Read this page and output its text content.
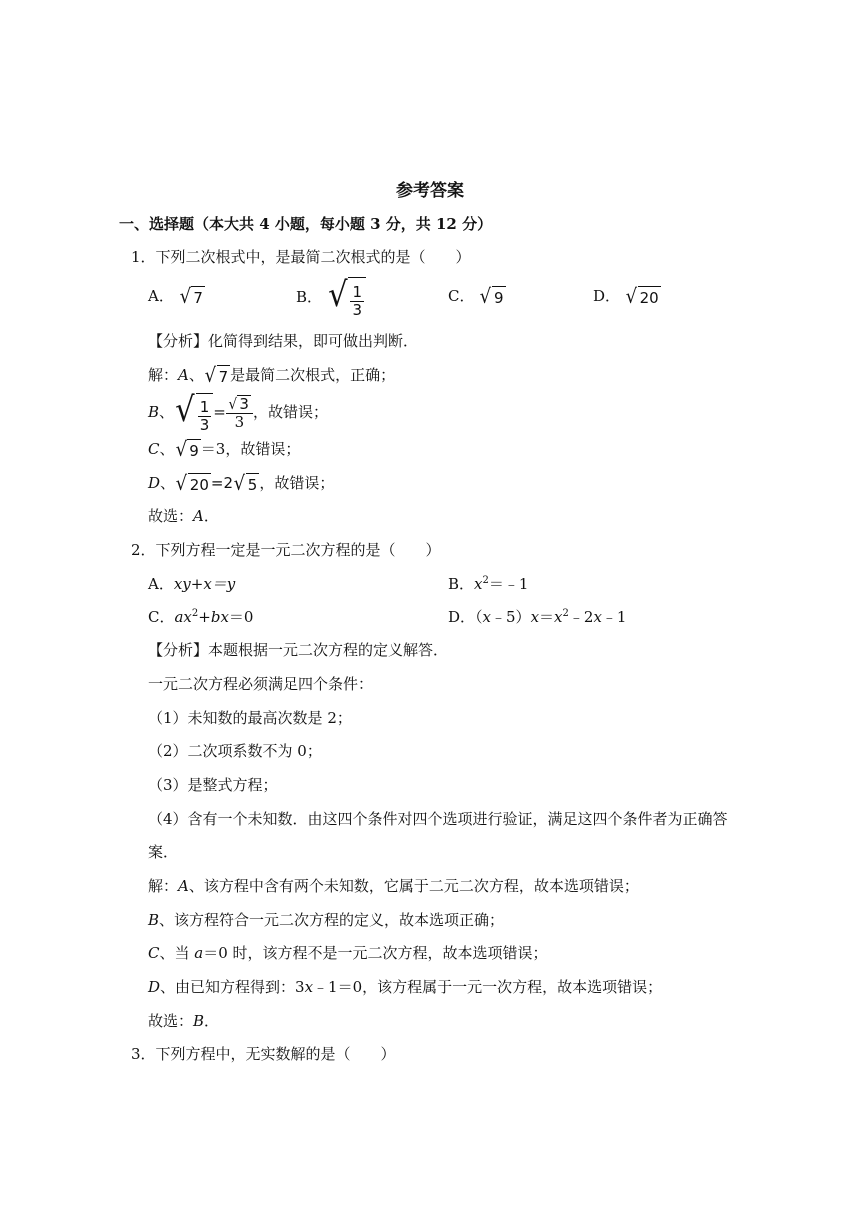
参考答案
一、选择题（本大共 4 小题，每小题 3 分，共 12 分）
1．下列二次根式中，是最简二次根式的是（　　）
A． √ 7	B． √ $\frac{1}{3}$	C． √ 9	D． √ 20
【分析】化简得到结果，即可做出判断．
解：A、√ 7 是最简二次根式，正确；
B、√ $\frac{1}{3} = \frac{√ 3}{3}$ ，故错误；
C、√ 9 ＝3，故错误；
D、√ 20 =2√ 5 ，故错误；
故选：A．
2．下列方程一定是一元二次方程的是（　　）
A．xy+x＝y	B．$x^2=﹣1$
C．$ax^2+bx=0$	D．$(x﹣5)x=x^2﹣2x﹣1$
【分析】本题根据一元二次方程的定义解答．
一元二次方程必须满足四个条件：
（1）未知数的最高次数是 2；
（2）二次项系数不为 0；
（3）是整式方程；
（4）含有一个未知数．由这四个条件对四个选项进行验证，满足这四个条件者为正确答
案．
解：A、该方程中含有两个未知数，它属于二元二次方程，故本选项错误；
B、该方程符合一元二次方程的定义，故本选项正确；
C、当 a＝0 时，该方程不是一元二次方程，故本选项错误；
D、由已知方程得到：3x﹣1＝0，该方程属于一元一次方程，故本选项错误；
故选：B．
3．下列方程中，无实数解的是（　　）
